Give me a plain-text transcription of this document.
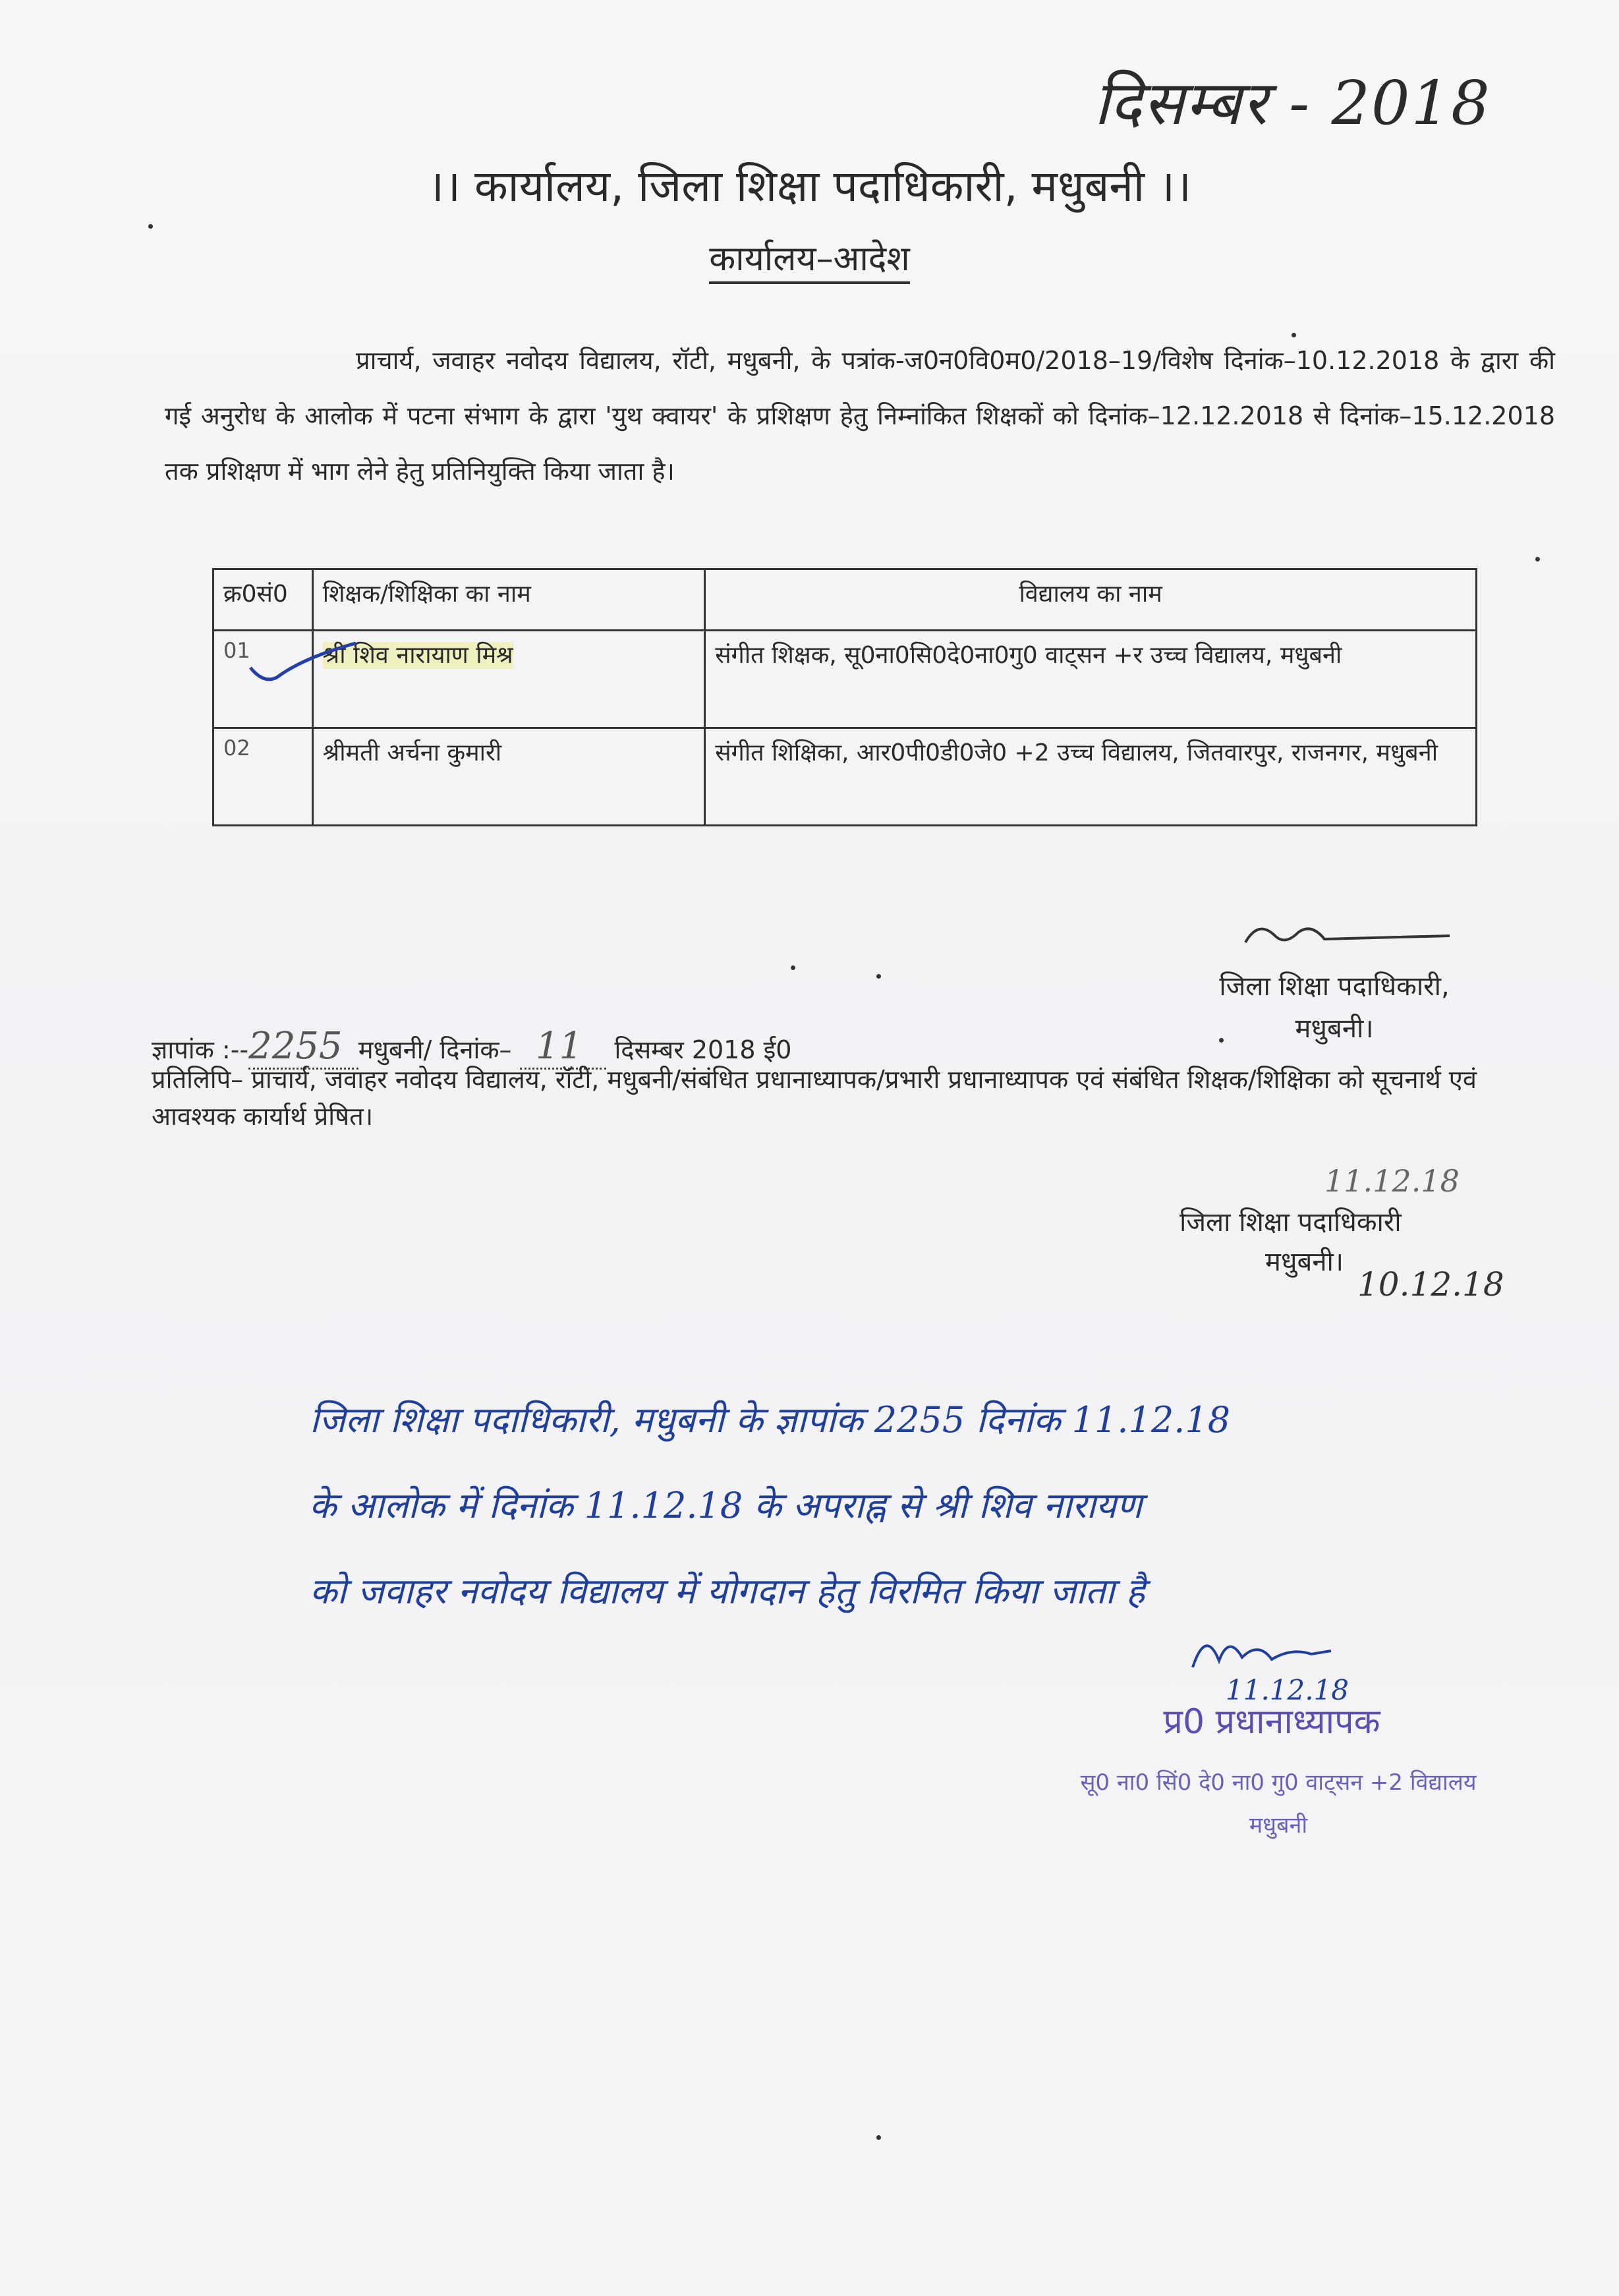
दिसम्बर - 2018
।। कार्यालय, जिला शिक्षा पदाधिकारी, मधुबनी ।।
कार्यालय–आदेश
प्राचार्य, जवाहर नवोदय विद्यालय, रॉटी, मधुबनी, के पत्रांक-ज0न0वि0म0/2018–19/विशेष दिनांक–10.12.2018 के द्वारा की गई अनुरोध के आलोक में पटना संभाग के द्वारा 'युथ क्वायर' के प्रशिक्षण हेतु निम्नांकित शिक्षकों को दिनांक–12.12.2018 से दिनांक–15.12.2018 तक प्रशिक्षण में भाग लेने हेतु प्रतिनियुक्ति किया जाता है।
क्र0सं0	शिक्षक/शिक्षिका का नाम	विद्यालय का नाम
01	श्री शिव नारायाण मिश्र	संगीत शिक्षक, सू0ना0सि0दे0ना0गु0 वाट्सन +र उच्च विद्यालय, मधुबनी
02	श्रीमती अर्चना कुमारी	संगीत शिक्षिका, आर0पी0डी0जे0 +2 उच्च विद्यालय, जितवारपुर, राजनगर, मधुबनी
जिला शिक्षा पदाधिकारी,
मधुबनी।
ज्ञापांक :--2255 मधुबनी/ दिनांक– 11 दिसम्बर 2018 ई0
प्रतिलिपि– प्राचार्य, जवाहर नवोदय विद्यालय, रॉटी, मधुबनी/संबंधित प्रधानाध्यापक/प्रभारी प्रधानाध्यापक एवं संबंधित शिक्षक/शिक्षिका को सूचनार्थ एवं आवश्यक कार्यार्थ प्रेषित।
11.12.18
जिला शिक्षा पदाधिकारी
मधुबनी।
10.12.18
जिला शिक्षा पदाधिकारी, मधुबनी के ज्ञापांक 2255 दिनांक 11.12.18
के आलोक में दिनांक 11.12.18 के अपराह्न से श्री शिव नारायण
को जवाहर नवोदय विद्यालय में योगदान हेतु विरमित किया जाता है
11.12.18
प्र0 प्रधानाध्यापक
सू0 ना0 सिं0 दे0 ना0 गु0 वाट्सन +2 विद्यालय
मधुबनी
